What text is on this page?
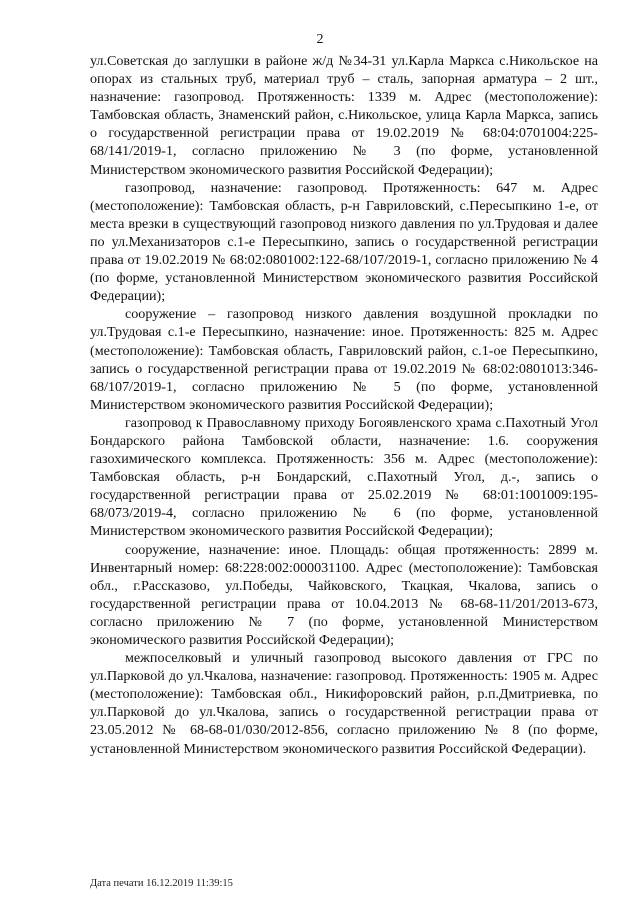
2

ул.Советская до заглушки в районе ж/д №34-31 ул.Карла Маркса с.Никольское на опорах из стальных труб, материал труб – сталь, запорная арматура – 2 шт., назначение: газопровод. Протяженность: 1339 м. Адрес (местоположение): Тамбовская область, Знаменский район, с.Никольское, улица Карла Маркса, запись о государственной регистрации права от 19.02.2019 № 68:04:0701004:225-68/141/2019-1, согласно приложению № 3 (по форме, установленной Министерством экономического развития Российской Федерации);

газопровод, назначение: газопровод. Протяженность: 647 м. Адрес (местоположение): Тамбовская область, р-н Гавриловский, с.Пересыпкино 1-е, от места врезки в существующий газопровод низкого давления по ул.Трудовая и далее по ул.Механизаторов с.1-е Пересыпкино, запись о государственной регистрации права от 19.02.2019 № 68:02:0801002:122-68/107/2019-1, согласно приложению № 4 (по форме, установленной Министерством экономического развития Российской Федерации);

сооружение – газопровод низкого давления воздушной прокладки по ул.Трудовая с.1-е Пересыпкино, назначение: иное. Протяженность: 825 м. Адрес (местоположение): Тамбовская область, Гавриловский район, с.1-ое Пересыпкино, запись о государственной регистрации права от 19.02.2019 № 68:02:0801013:346-68/107/2019-1, согласно приложению № 5 (по форме, установленной Министерством экономического развития Российской Федерации);

газопровод к Православному приходу Богоявленского храма с.Пахотный Угол Бондарского района Тамбовской области, назначение: 1.6. сооружения газохимического комплекса. Протяженность: 356 м. Адрес (местоположение): Тамбовская область, р-н Бондарский, с.Пахотный Угол, д.-, запись о государственной регистрации права от 25.02.2019 № 68:01:1001009:195-68/073/2019-4, согласно приложению № 6 (по форме, установленной Министерством экономического развития Российской Федерации);

сооружение, назначение: иное. Площадь: общая протяженность: 2899 м. Инвентарный номер: 68:228:002:000031100. Адрес (местоположение): Тамбовская обл., г.Рассказово, ул.Победы, Чайковского, Ткацкая, Чкалова, запись о государственной регистрации права от 10.04.2013 № 68-68-11/201/2013-673, согласно приложению № 7 (по форме, установленной Министерством экономического развития Российской Федерации);

межпоселковый и уличный газопровод высокого давления от ГРС по ул.Парковой до ул.Чкалова, назначение: газопровод. Протяженность: 1905 м. Адрес (местоположение): Тамбовская обл., Никифоровский район, р.п.Дмитриевка, по ул.Парковой до ул.Чкалова, запись о государственной регистрации права от 23.05.2012 № 68-68-01/030/2012-856, согласно приложению № 8 (по форме, установленной Министерством экономического развития Российской Федерации).

Дата печати 16.12.2019 11:39:15
